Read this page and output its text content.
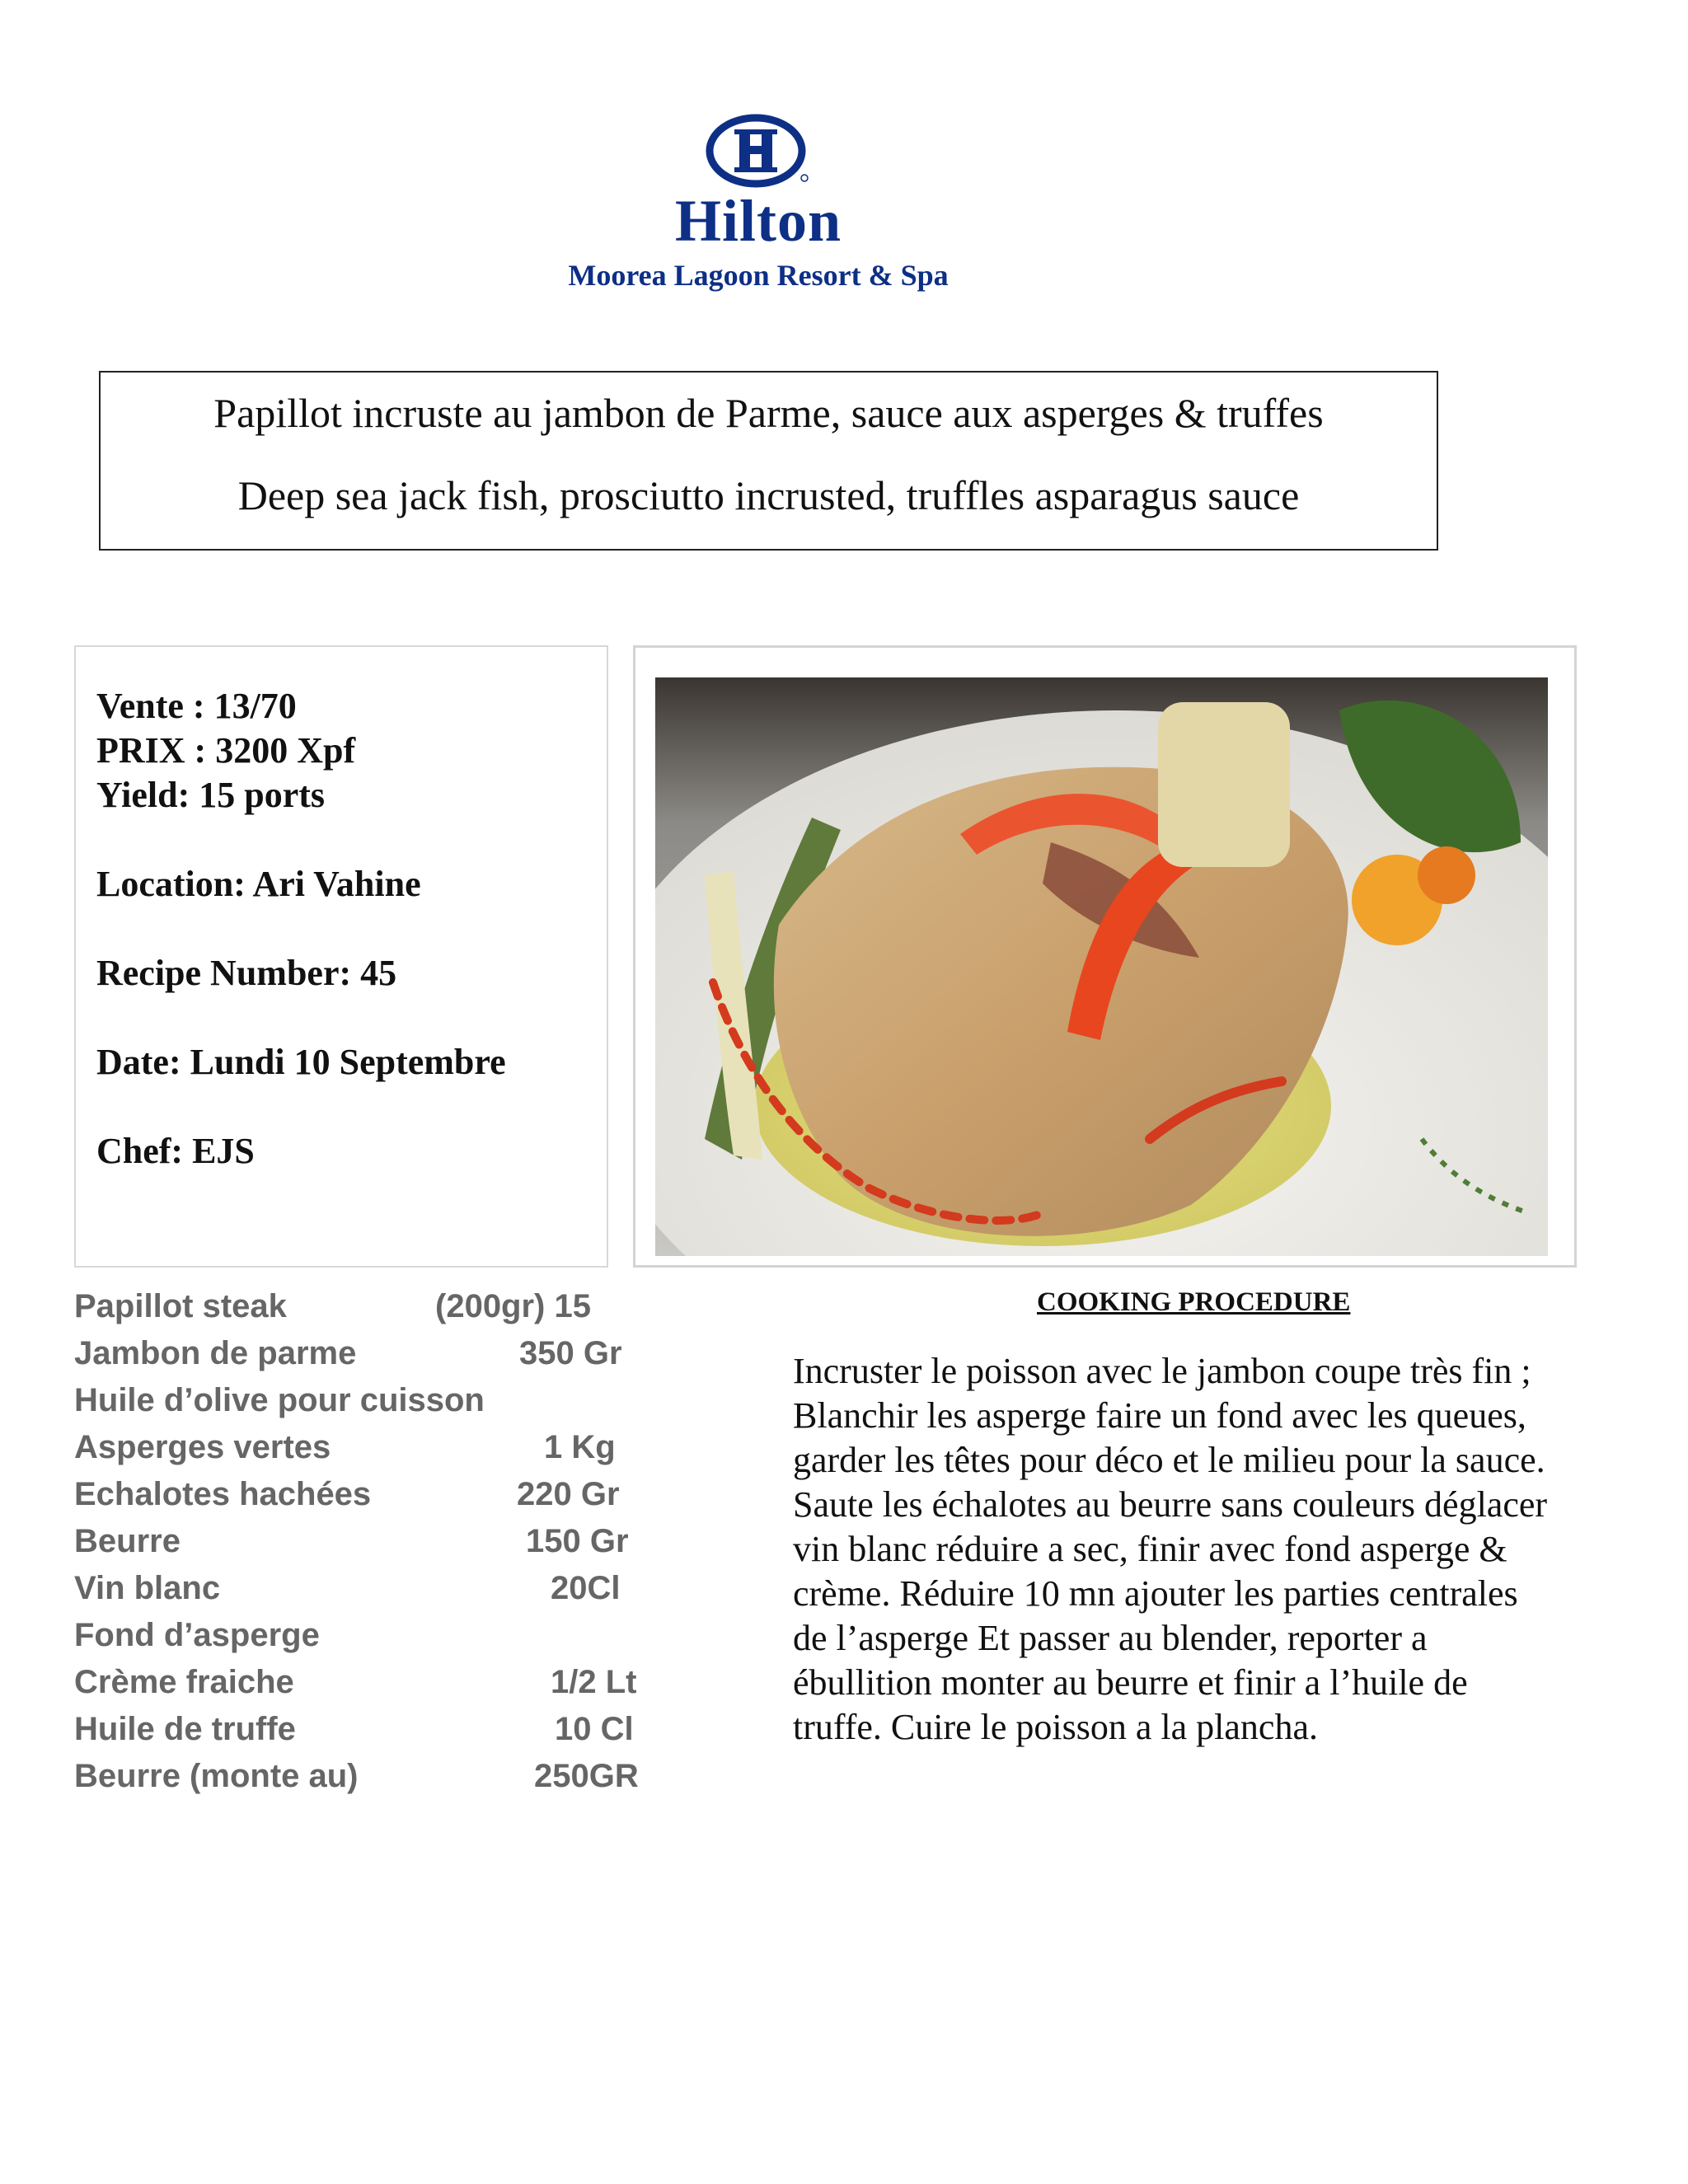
Hilton
Moorea Lagoon Resort & Spa
Papillot incruste au jambon de Parme, sauce aux asperges & truffes
Deep sea jack fish, prosciutto incrusted, truffles asparagus sauce
Vente : 13/70
PRIX : 3200 Xpf
Yield: 15 ports
Location: Ari Vahine
Recipe Number: 45
Date: Lundi 10 Septembre
Chef: EJS
Papillot steak	(200gr) 15
Jambon de parme	350 Gr
Huile d’olive pour cuisson
Asperges vertes	1 Kg
Echalotes hachées	220 Gr
Beurre	150 Gr
Vin blanc	20Cl
Fond d’asperge
Crème fraiche	1/2 Lt
Huile de truffe	10 Cl
Beurre (monte au)	250GR
COOKING PROCEDURE
Incruster le poisson avec le jambon coupe très fin ;
Blanchir les asperge faire un fond avec les queues,
garder les têtes pour déco et le milieu pour la sauce.
Saute les échalotes au beurre sans couleurs déglacer
vin blanc réduire a sec, finir avec fond asperge &
crème. Réduire 10 mn ajouter les parties centrales
de l’asperge Et passer au blender, reporter a
ébullition monter au beurre et finir a l’huile de
truffe. Cuire le poisson a la plancha.
